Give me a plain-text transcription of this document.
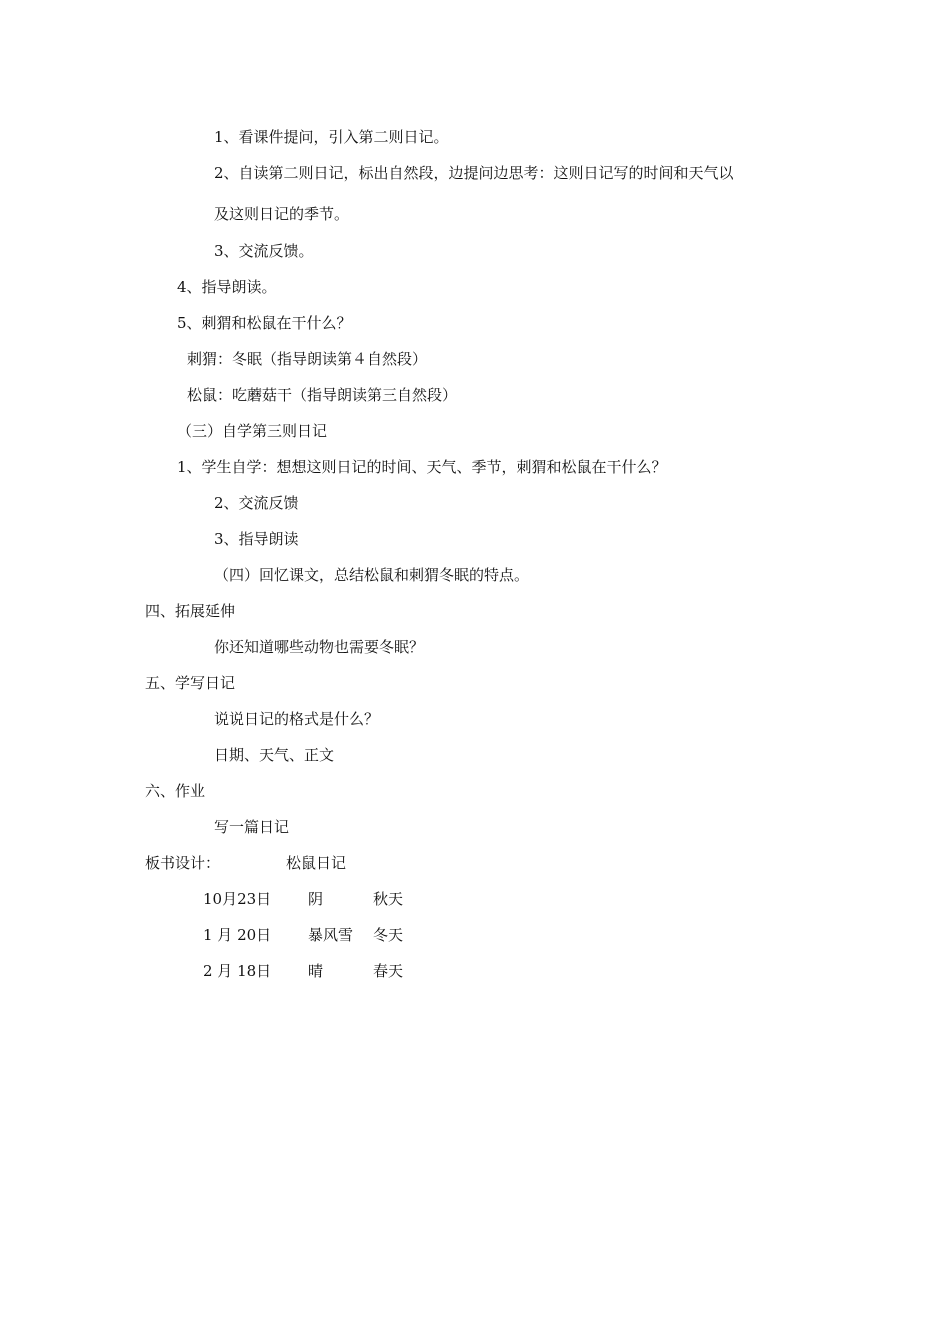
1、看课件提问，引入第二则日记。
2、自读第二则日记，标出自然段，边提问边思考：这则日记写的时间和天气以
及这则日记的季节。
3、交流反馈。
4、指导朗读。
5、刺猬和松鼠在干什么？
刺猬：冬眠（指导朗读第４自然段）
松鼠：吃蘑菇干（指导朗读第三自然段）
（三）自学第三则日记
1、学生自学：想想这则日记的时间、天气、季节，刺猬和松鼠在干什么？
2、交流反馈
3、指导朗读
（四）回忆课文，总结松鼠和刺猬冬眠的特点。
四、拓展延伸
你还知道哪些动物也需要冬眠？
五、学写日记
说说日记的格式是什么？
日期、天气、正文
六、作业
写一篇日记
板书设计：	松鼠日记
10月23日 阴	秋天
1 月 20日 暴风雪 冬天
2 月 18日 晴	春天
